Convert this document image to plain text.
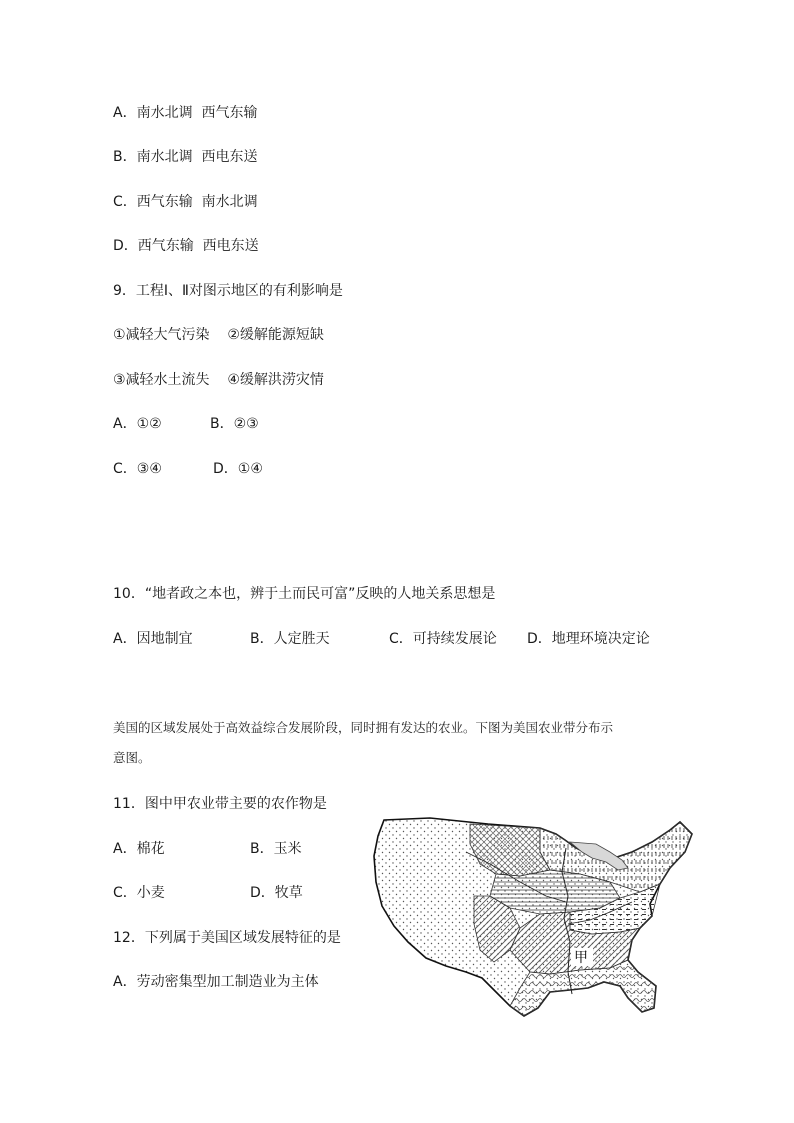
A．南水北调  西气东输
B．南水北调  西电东送
C．西气东输  南水北调
D．西气东输  西电东送
9．工程Ⅰ、Ⅱ对图示地区的有利影响是
①减轻大气污染    ②缓解能源短缺
③减轻水土流失    ④缓解洪涝灾情
A．①②	B．②③
C．③④	D．①④
10．“地者政之本也，辨于土而民可富”反映的人地关系思想是
A．因地制宜	B．人定胜天	C．可持续发展论 D．地理环境决定论
美国的区域发展处于高效益综合发展阶段，同时拥有发达的农业。下图为美国农业带分布示
意图。
11．图中甲农业带主要的农作物是
A．棉花	B．玉米
C．小麦	D．牧草
12．下列属于美国区域发展特征的是
A．劳动密集型加工制造业为主体
甲
